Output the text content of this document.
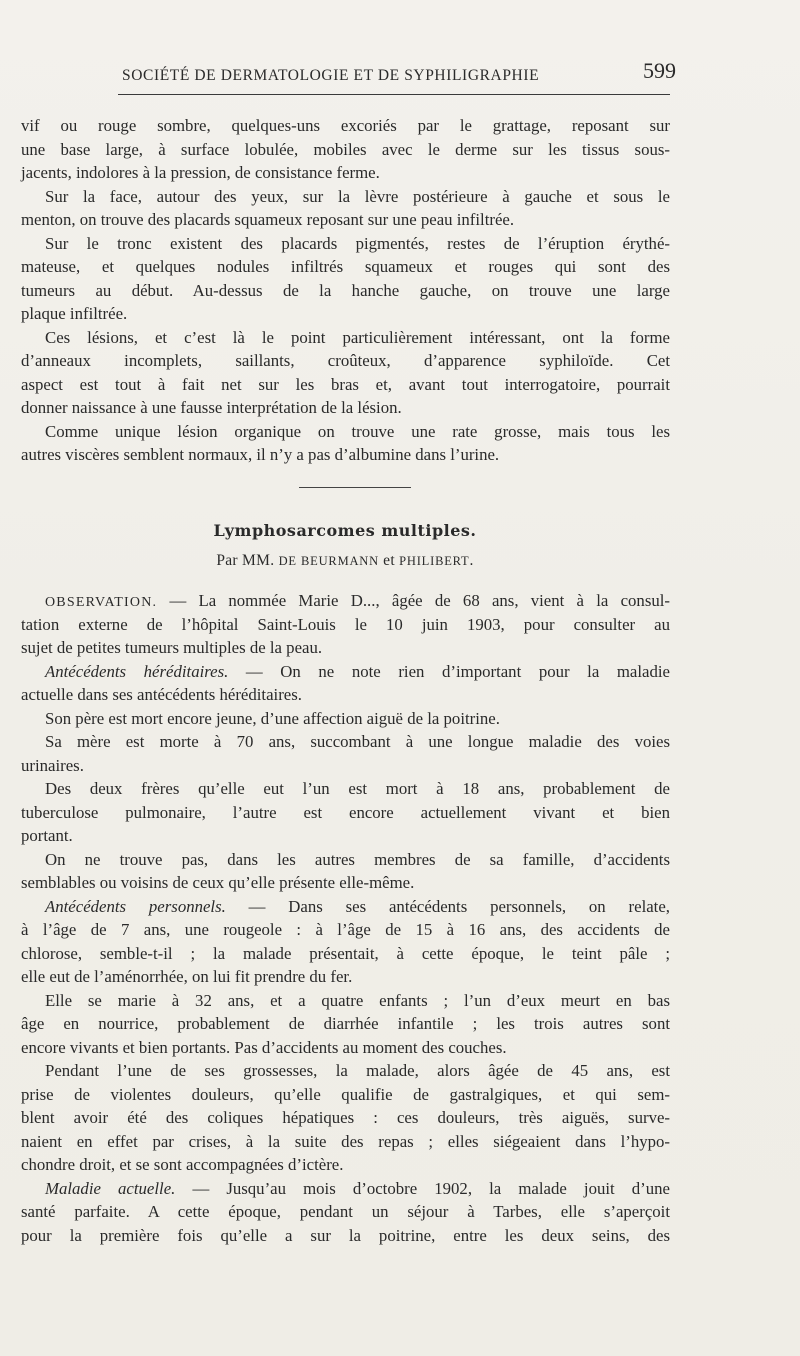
SOCIÉTÉ DE DERMATOLOGIE ET DE SYPHILIGRAPHIE	599
vif ou rouge sombre, quelques-uns excoriés par le grattage, reposant sur
une base large, à surface lobulée, mobiles avec le derme sur les tissus sous-
jacents, indolores à la pression, de consistance ferme.
Sur la face, autour des yeux, sur la lèvre postérieure à gauche et sous le
menton, on trouve des placards squameux reposant sur une peau infiltrée.
Sur le tronc existent des placards pigmentés, restes de l’éruption érythé-
mateuse, et quelques nodules infiltrés squameux et rouges qui sont des
tumeurs au début. Au-dessus de la hanche gauche, on trouve une large
plaque infiltrée.
Ces lésions, et c’est là le point particulièrement intéressant, ont la forme
d’anneaux incomplets, saillants, croûteux, d’apparence syphiloïde. Cet
aspect est tout à fait net sur les bras et, avant tout interrogatoire, pourrait
donner naissance à une fausse interprétation de la lésion.
Comme unique lésion organique on trouve une rate grosse, mais tous les
autres viscères semblent normaux, il n’y a pas d’albumine dans l’urine.
Lymphosarcomes multiples.
Par MM. DE BEURMANN et PHILIBERT.
OBSERVATION. — La nommée Marie D..., âgée de 68 ans, vient à la consul-
tation externe de l’hôpital Saint-Louis le 10 juin 1903, pour consulter au
sujet de petites tumeurs multiples de la peau.
Antécédents héréditaires. — On ne note rien d’important pour la maladie
actuelle dans ses antécédents héréditaires.
Son père est mort encore jeune, d’une affection aiguë de la poitrine.
Sa mère est morte à 70 ans, succombant à une longue maladie des voies
urinaires.
Des deux frères qu’elle eut l’un est mort à 18 ans, probablement de
tuberculose pulmonaire, l’autre est encore actuellement vivant et bien
portant.
On ne trouve pas, dans les autres membres de sa famille, d’accidents
semblables ou voisins de ceux qu’elle présente elle-même.
Antécédents personnels. — Dans ses antécédents personnels, on relate,
à l’âge de 7 ans, une rougeole : à l’âge de 15 à 16 ans, des accidents de
chlorose, semble-t-il ; la malade présentait, à cette époque, le teint pâle ;
elle eut de l’aménorrhée, on lui fit prendre du fer.
Elle se marie à 32 ans, et a quatre enfants ; l’un d’eux meurt en bas
âge en nourrice, probablement de diarrhée infantile ; les trois autres sont
encore vivants et bien portants. Pas d’accidents au moment des couches.
Pendant l’une de ses grossesses, la malade, alors âgée de 45 ans, est
prise de violentes douleurs, qu’elle qualifie de gastralgiques, et qui sem-
blent avoir été des coliques hépatiques : ces douleurs, très aiguës, surve-
naient en effet par crises, à la suite des repas ; elles siégeaient dans l’hypo-
chondre droit, et se sont accompagnées d’ictère.
Maladie actuelle. — Jusqu’au mois d’octobre 1902, la malade jouit d’une
santé parfaite. A cette époque, pendant un séjour à Tarbes, elle s’aperçoit
pour la première fois qu’elle a sur la poitrine, entre les deux seins, des
